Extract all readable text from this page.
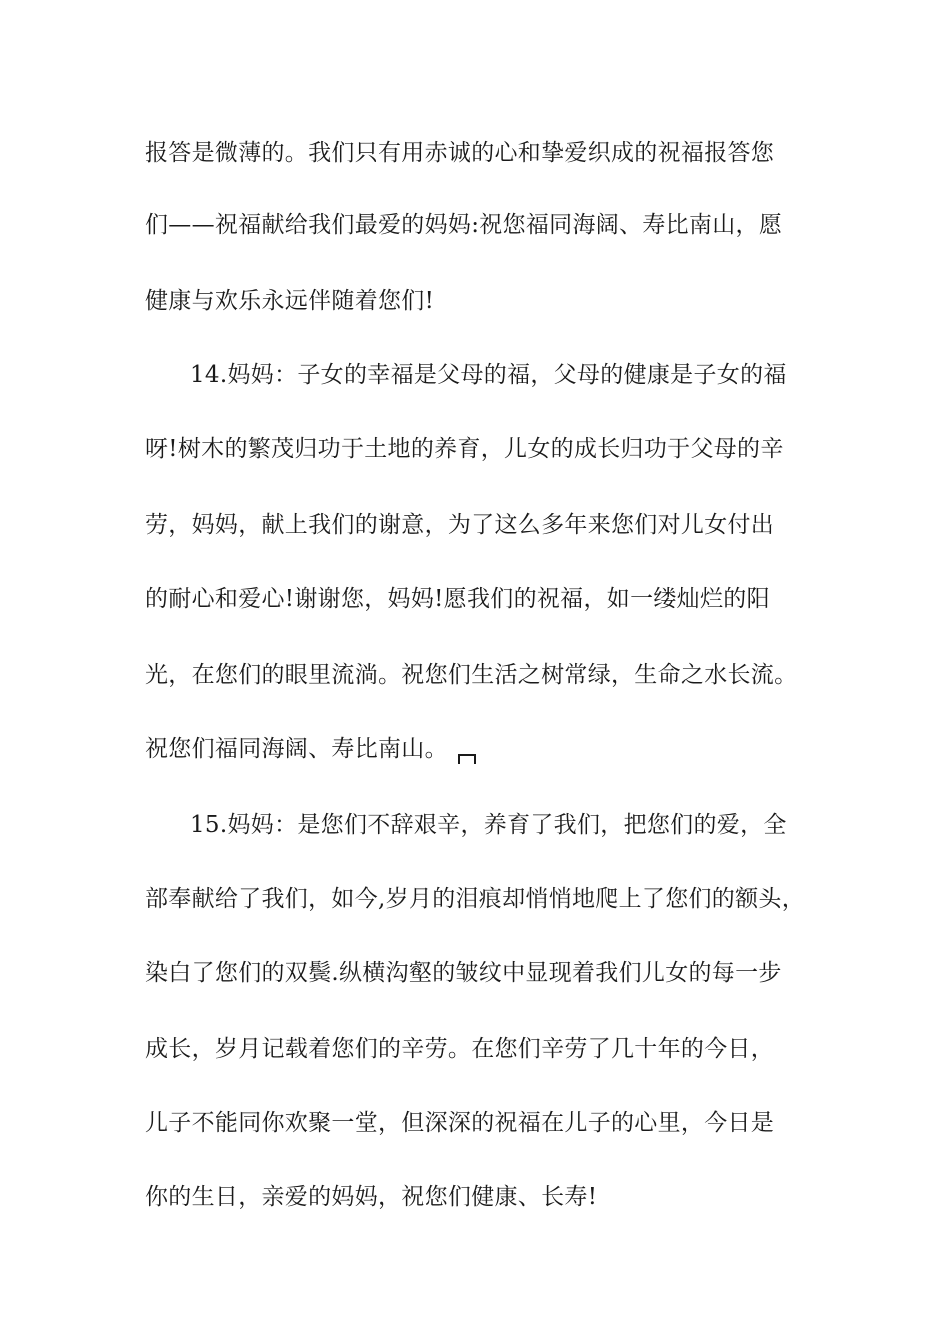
报答是微薄的。我们只有用赤诚的心和挚爱织成的祝福报答您
们——祝福献给我们最爱的妈妈:祝您福同海阔、寿比南山，愿
健康与欢乐永远伴随着您们!
14.妈妈：子女的幸福是父母的福，父母的健康是子女的福
呀!树木的繁茂归功于土地的养育，儿女的成长归功于父母的辛
劳，妈妈，献上我们的谢意，为了这么多年来您们对儿女付出
的耐心和爱心!谢谢您，妈妈!愿我们的祝福，如一缕灿烂的阳
光，在您们的眼里流淌。祝您们生活之树常绿，生命之水长流。
祝您们福同海阔、寿比南山。
15.妈妈：是您们不辞艰辛，养育了我们，把您们的爱，全
部奉献给了我们，如今,岁月的泪痕却悄悄地爬上了您们的额头，
染白了您们的双鬓.纵横沟壑的皱纹中显现着我们儿女的每一步
成长，岁月记载着您们的辛劳。在您们辛劳了几十年的今日，
儿子不能同你欢聚一堂，但深深的祝福在儿子的心里，今日是
你的生日，亲爱的妈妈，祝您们健康、长寿!
